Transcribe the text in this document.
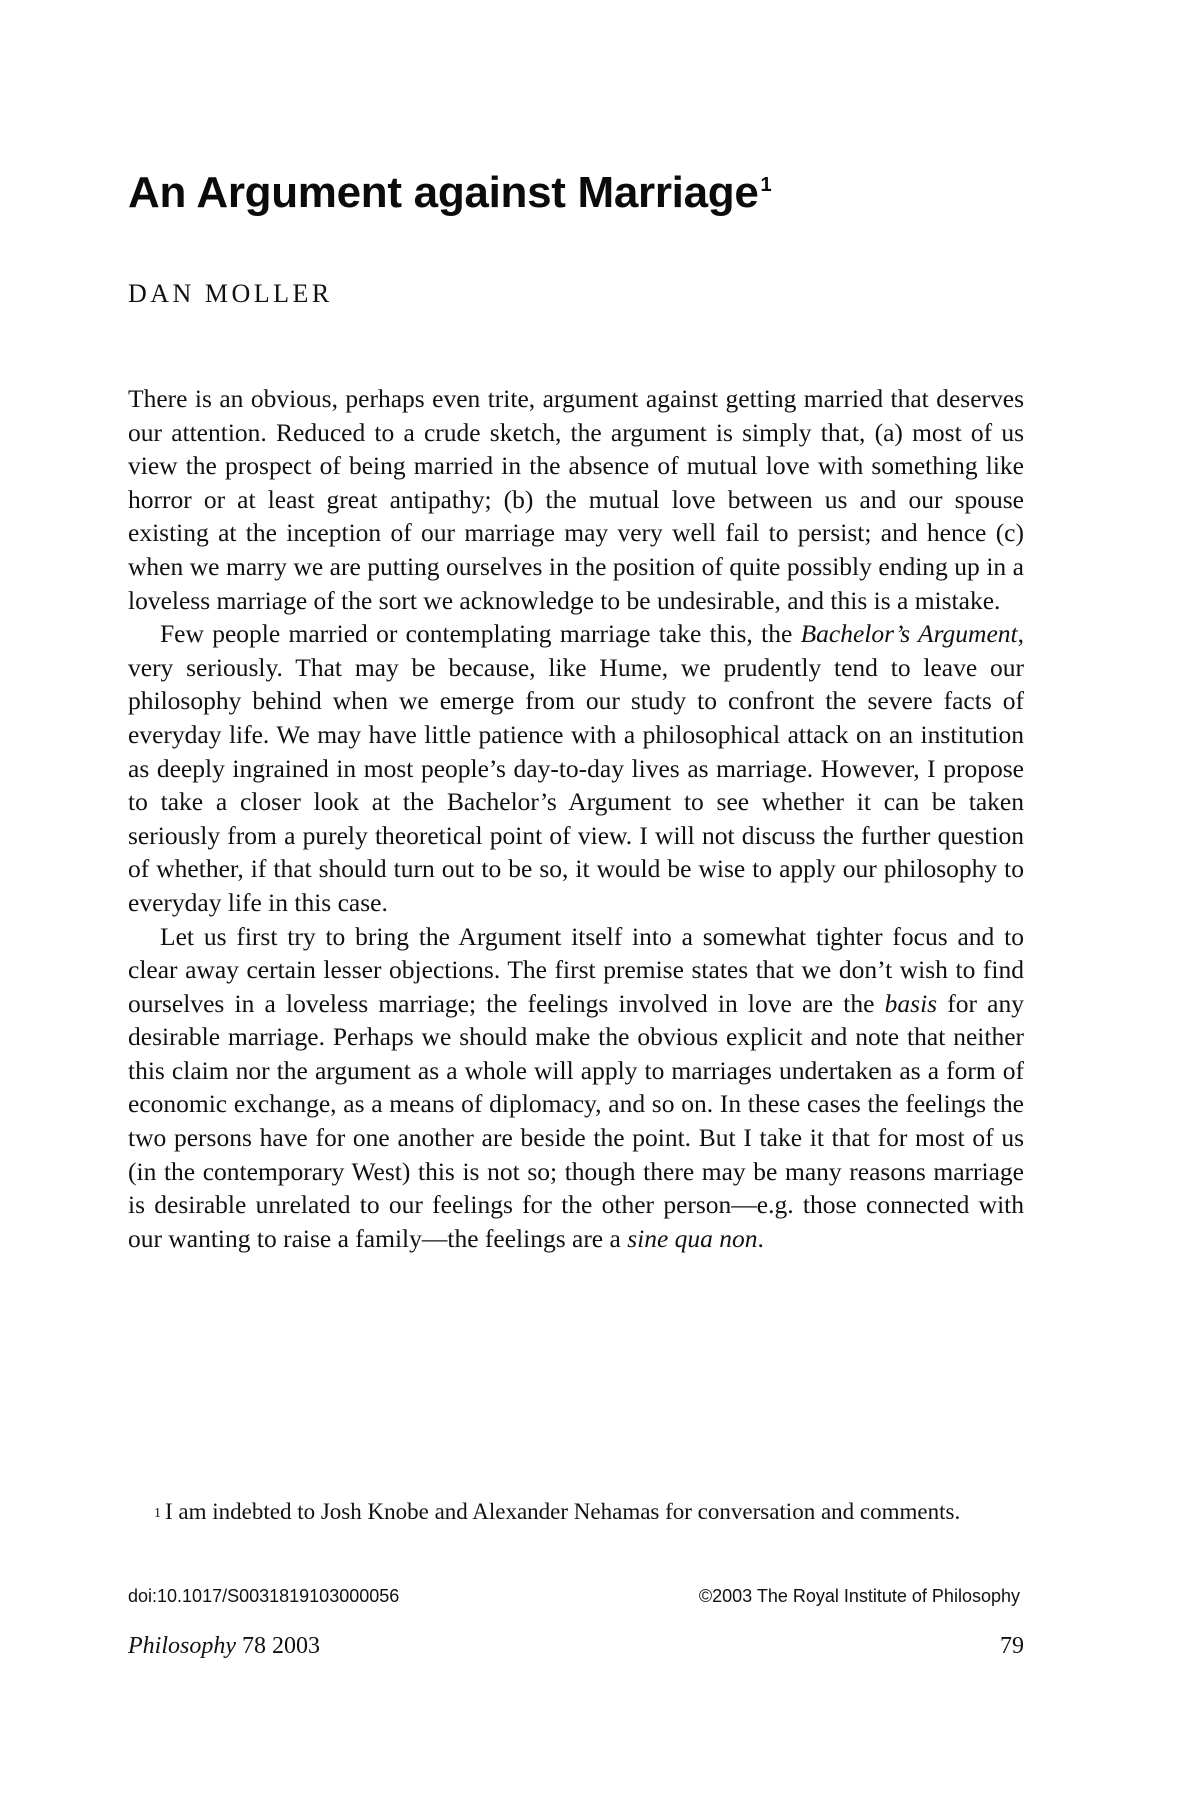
An Argument against Marriage $^1$
DAN MOLLER

There is an obvious, perhaps even trite, argument against getting married that deserves our attention. Reduced to a crude sketch, the argument is simply that, (a) most of us view the prospect of being married in the absence of mutual love with something like horror or at least great antipathy; (b) the mutual love between us and our spouse existing at the inception of our marriage may very well fail to persist; and hence (c) when we marry we are putting ourselves in the position of quite possibly ending up in a loveless marriage of the sort we acknowledge to be undesirable, and this is a mistake.

Few people married or contemplating marriage take this, the Bachelor’s Argument, very seriously. That may be because, like Hume, we prudently tend to leave our philosophy behind when we emerge from our study to confront the severe facts of everyday life. We may have little patience with a philosophical attack on an institution as deeply ingrained in most people’s day-to-day lives as marriage. However, I propose to take a closer look at the Bachelor’s Argument to see whether it can be taken seriously from a purely theoretical point of view. I will not discuss the further question of whether, if that should turn out to be so, it would be wise to apply our philosophy to everyday life in this case.

Let us first try to bring the Argument itself into a somewhat tighter focus and to clear away certain lesser objections. The first premise states that we don’t wish to find ourselves in a loveless marriage; the feelings involved in love are the basis for any desirable marriage. Perhaps we should make the obvious explicit and note that neither this claim nor the argument as a whole will apply to marriages undertaken as a form of economic exchange, as a means of diplomacy, and so on. In these cases the feelings the two persons have for one another are beside the point. But I take it that for most of us (in the contemporary West) this is not so; though there may be many reasons marriage is desirable unrelated to our feelings for the other person—e.g. those connected with our wanting to raise a family—the feelings are a sine qua non.

$^1$ I am indebted to Josh Knobe and Alexander Nehamas for conversation and comments.

doi:10.1017/S0031819103000056	©2003 The Royal Institute of Philosophy
Philosophy 78 2003	79
